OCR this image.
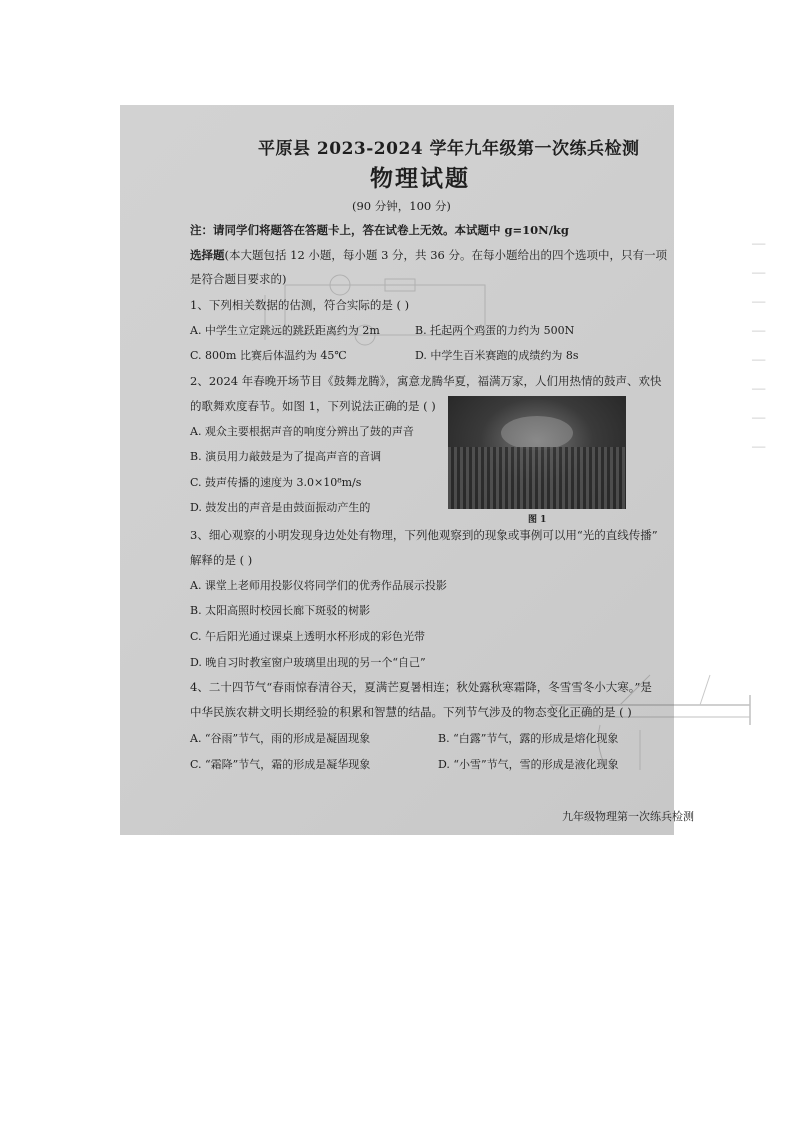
──
──
──
──
──
──
──
──
平原县 2023-2024 学年九年级第一次练兵检测
物理试题
(90 分钟，100 分)
注：请同学们将题答在答题卡上，答在试卷上无效。本试题中 g=10N/kg
选择题(本大题包括 12 小题，每小题 3 分，共 36 分。在每小题给出的四个选项中，只有一项
是符合题目要求的)
1、下列相关数据的估测，符合实际的是 ( )
A. 中学生立定跳远的跳跃距离约为 2m	B. 托起两个鸡蛋的力约为 500N
C. 800m 比赛后体温约为 45℃	D. 中学生百米赛跑的成绩约为 8s
2、2024 年春晚开场节目《鼓舞龙腾》，寓意龙腾华夏，福满万家，人们用热情的鼓声、欢快
的歌舞欢度春节。如图 1，下列说法正确的是 ( )
A. 观众主要根据声音的响度分辨出了鼓的声音
B. 演员用力敲鼓是为了提高声音的音调
C. 鼓声传播的速度为 3.0×10⁸m/s
D. 鼓发出的声音是由鼓面振动产生的
图 1
3、细心观察的小明发现身边处处有物理，下列他观察到的现象或事例可以用“光的直线传播”
解释的是 ( )
A. 课堂上老师用投影仪将同学们的优秀作品展示投影
B. 太阳高照时校园长廊下斑驳的树影
C. 午后阳光通过课桌上透明水杯形成的彩色光带
D. 晚自习时教室窗户玻璃里出现的另一个“自己”
4、二十四节气“春雨惊春清谷天，夏满芒夏暑相连；秋处露秋寒霜降，冬雪雪冬小大寒。”是
中华民族农耕文明长期经验的积累和智慧的结晶。下列节气涉及的物态变化正确的是 ( )
A. “谷雨”节气，雨的形成是凝固现象	B. “白露”节气，露的形成是熔化现象
C. “霜降”节气，霜的形成是凝华现象	D. “小雪”节气，雪的形成是液化现象
九年级物理第一次练兵检测
